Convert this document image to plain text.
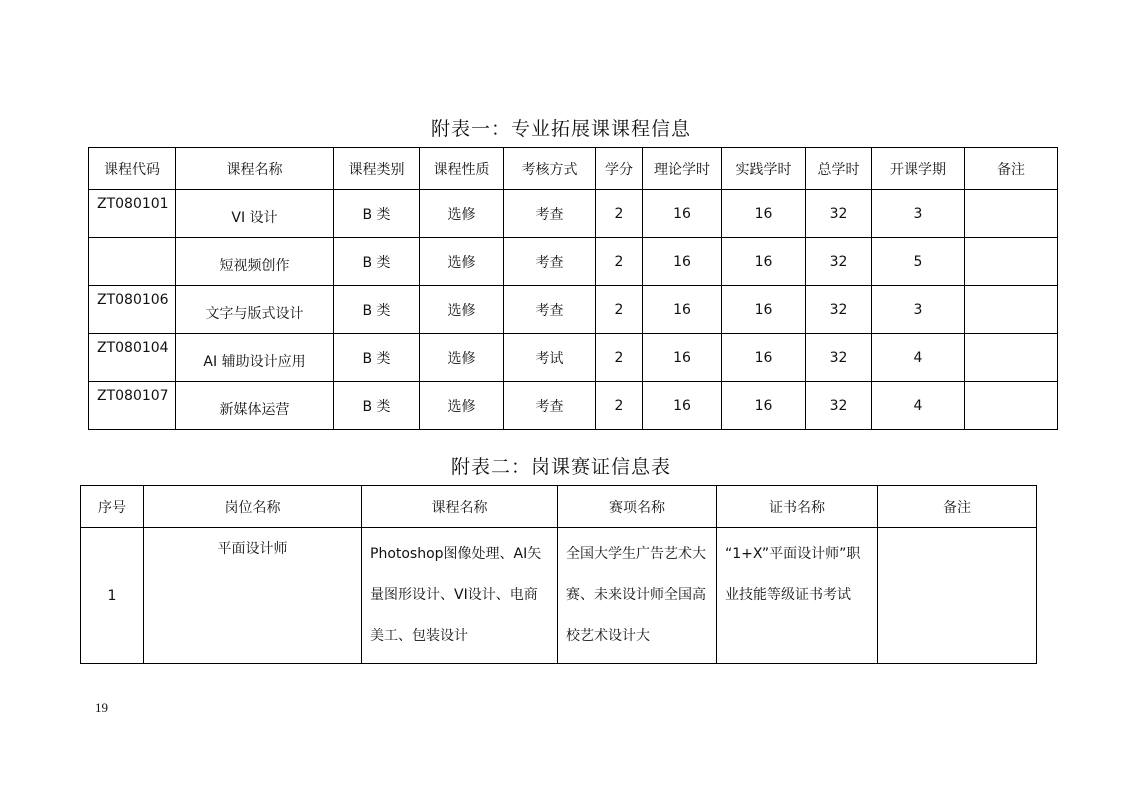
附表一：专业拓展课课程信息
课程代码	课程名称	课程类别	课程性质	考核方式	学分	理论学时	实践学时	总学时	开课学期	备注
ZT080101	VI 设计	B 类	选修	考查	2	16	16	32	3	
	短视频创作	B 类	选修	考查	2	16	16	32	5	
ZT080106	文字与版式设计	B 类	选修	考查	2	16	16	32	3	
ZT080104	AI 辅助设计应用	B 类	选修	考试	2	16	16	32	4	
ZT080107	新媒体运营	B 类	选修	考查	2	16	16	32	4	
附表二：岗课赛证信息表
序号	岗位名称	课程名称	赛项名称	证书名称	备注
1	平面设计师	Photoshop图像处理、AI矢量图形设计、VI设计、电商美工、包装设计	全国大学生广告艺术大赛、未来设计师全国高校艺术设计大	“1+X”平面设计师”职业技能等级证书考试	
19
